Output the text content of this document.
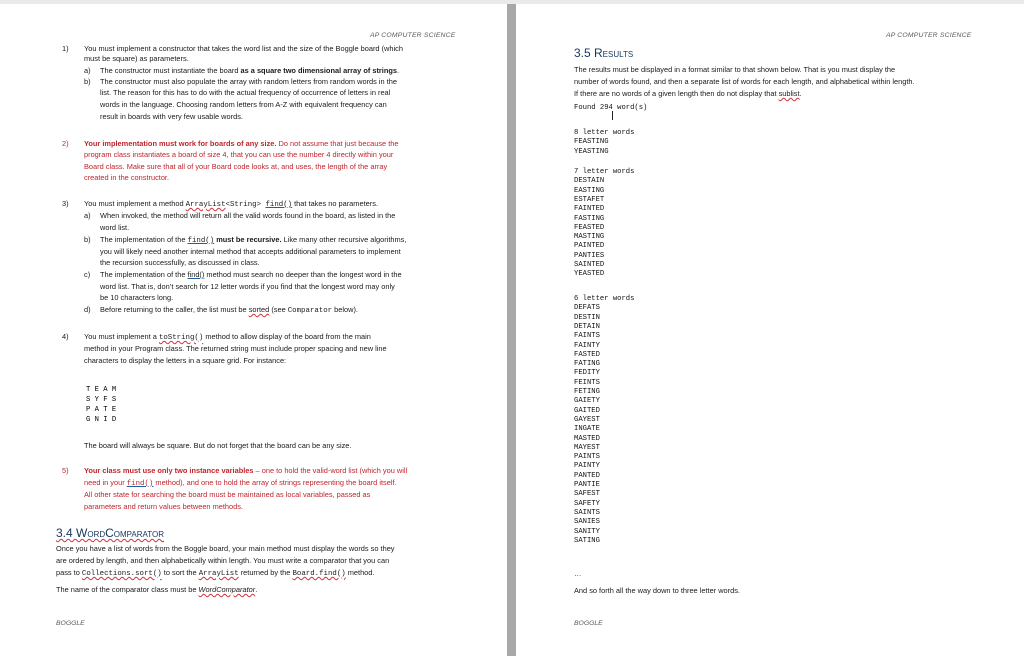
AP COMPUTER SCIENCE
1) You must implement a constructor that takes the word list and the size of the Boggle board (which
must be square) as parameters.
a) The constructor must instantiate the board as a square two dimensional array of strings.
b) The constructor must also populate the array with random letters from random words in the
list. The reason for this has to do with the actual frequency of occurrence of letters in real
words in the language. Choosing random letters from A-Z with equivalent frequency can
result in boards with very few usable words.
2) Your implementation must work for boards of any size. Do not assume that just because the
program class instantiates a board of size 4, that you can use the number 4 directly within your
Board class. Make sure that all of your Board code looks at, and uses, the length of the array
created in the constructor.
3) You must implement a method ArrayList<String> find() that takes no parameters.
a) When invoked, the method will return all the valid words found in the board, as listed in the
word list.
b) The implementation of the find() must be recursive. Like many other recursive algorithms,
you will likely need another internal method that accepts additional parameters to implement
the recursion successfully, as discussed in class.
c) The implementation of the find() method must search no deeper than the longest word in the
word list. That is, don’t search for 12 letter words if you find that the longest word may only
be 10 characters long.
d) Before returning to the caller, the list must be sorted (see Comparator below).
4) You must implement a toString() method to allow display of the board from the main
method in your Program class. The returned string must include proper spacing and new line
characters to display the letters in a square grid. For instance:
T E A M
S Y F S
P A T E
G N I D
The board will always be square. But do not forget that the board can be any size.
5) Your class must use only two instance variables – one to hold the valid-word list (which you will
need in your find() method), and one to hold the array of strings representing the board itself.
All other state for searching the board must be maintained as local variables, passed as
parameters and return values between methods.
3.4 WordComparator
Once you have a list of words from the Boggle board, your main method must display the words so they
are ordered by length, and then alphabetically within length. You must write a comparator that you can
pass to Collections.sort() to sort the ArrayList returned by the Board.find() method.
The name of the comparator class must be WordComparator.
BOGGLE
AP COMPUTER SCIENCE
3.5 Results
The results must be displayed in a format similar to that shown below. That is you must display the
number of words found, and then a separate list of words for each length, and alphabetical within length.
If there are no words of a given length then do not display that sublist.
Found 294 word(s)
8 letter words
FEASTING
YEASTING
7 letter words
DESTAIN
EASTING
ESTAFET
FAINTED
FASTING
FEASTED
MASTING
PAINTED
PANTIES
SAINTED
YEASTED
6 letter words
DEFATS
DESTIN
DETAIN
FAINTS
FAINTY
FASTED
FATING
FEDITY
FEINTS
FETING
GAIETY
GAITED
GAYEST
INGATE
MASTED
MAYEST
PAINTS
PAINTY
PANTED
PANTIE
SAFEST
SAFETY
SAINTS
SANIES
SANITY
SATING
…
And so forth all the way down to three letter words.
BOGGLE
